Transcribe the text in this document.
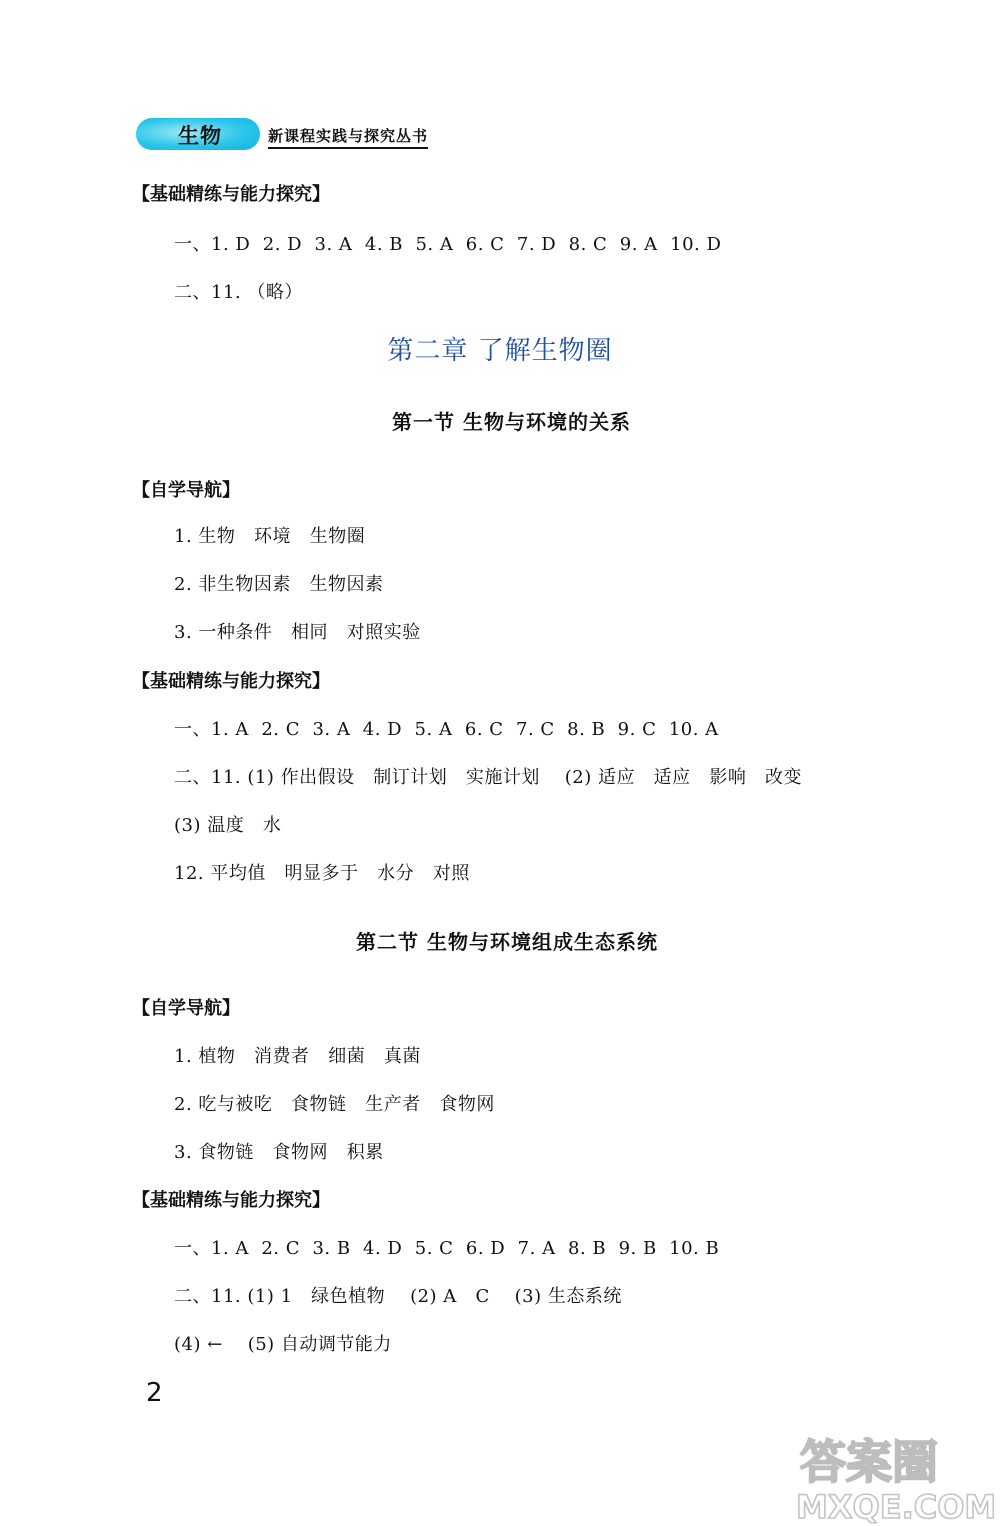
生物	新课程实践与探究丛书
【基础精练与能力探究】
一、1. D  2. D  3. A  4. B  5. A  6. C  7. D  8. C  9. A  10. D
二、11. （略）
第二章 了解生物圈
第一节 生物与环境的关系
【自学导航】
1. 生物   环境   生物圈
2. 非生物因素   生物因素
3. 一种条件   相同   对照实验
【基础精练与能力探究】
一、1. A  2. C  3. A  4. D  5. A  6. C  7. C  8. B  9. C  10. A
二、11. (1) 作出假设   制订计划   实施计划    (2) 适应   适应   影响   改变
(3) 温度   水
12. 平均值   明显多于   水分   对照
第二节 生物与环境组成生态系统
【自学导航】
1. 植物   消费者   细菌   真菌
2. 吃与被吃   食物链   生产者   食物网
3. 食物链   食物网   积累
【基础精练与能力探究】
一、1. A  2. C  3. B  4. D  5. C  6. D  7. A  8. B  9. B  10. B
二、11. (1) 1   绿色植物    (2) A   C    (3) 生态系统
(4) ←    (5) 自动调节能力
2
答案圈
MXQE.COM
